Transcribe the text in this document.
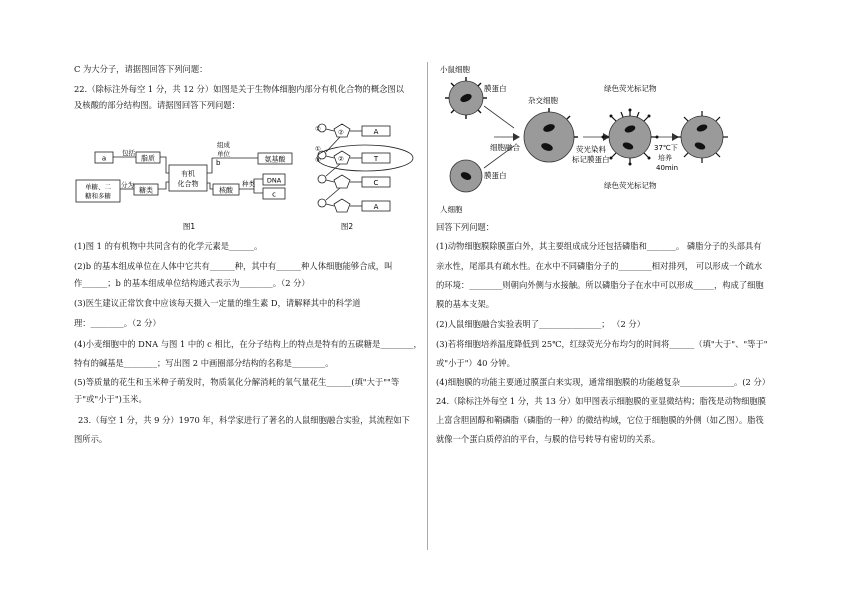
C 为大分子，请据图回答下列问题：
22.（除标注外每空 1 分，共 12 分）如图是关于生物体细胞内部分有机化合物的概念图以
及核酸的部分结构图。请据图回答下列问题：
a	脂质
包括
有机
化合物
单糖、二
糖和多糖
分为
糖类
组成
单位
b	氨基酸
核酸
种类 DNA
c
图1
①
①
③	②
②	A
T
C
A
图2
(1)图 1 的有机物中共同含有的化学元素是______。
(2)b 的基本组成单位在人体中它共有______种，其中有______种人体细胞能够合成，叫
作______；b 的基本组成单位结构通式表示为________。（2 分）
(3)医生建议正常饮食中应该每天摄入一定量的维生素 D，请解释其中的科学道
理：________。（2 分）
(4)小麦细胞中的 DNA 与图 1 中的 c 相比，在分子结构上的特点是特有的五碳糖是________，
特有的碱基是________；写出图 2 中画圈部分结构的名称是________。
(5)等质量的花生和玉米种子萌发时，物质氧化分解消耗的氧气量花生______(填"大于""等
于"或"小于")玉米。
23.（每空 1 分，共 9 分）1970 年，科学家进行了著名的人鼠细胞融合实验，其流程如下
图所示。
小鼠细胞
膜蛋白
杂交细胞
细胞融合
膜蛋白
人细胞
荧光染料
标记膜蛋白
绿色荧光标记物
绿色荧光标记物
37℃下
培养
40min
回答下列问题：
(1)动物细胞膜除膜蛋白外，其主要组成成分还包括磷脂和_______。 磷脂分子的头部具有
亲水性，尾部具有疏水性。在水中不同磷脂分子的________相对排列， 可以形成一个疏水
的环境：________则朝向外侧与水接触。所以磷脂分子在水中可以形成_____，构成了细胞
膜的基本支架。
(2)人鼠细胞融合实验表明了_______________； （2 分）
(3)若将细胞培养温度降低到 25℃，红绿荧光分布均匀的时间将______（填"大于"、"等于"
或"小于"）40 分钟。
(4)细胞膜的功能主要通过膜蛋白来实现，通常细胞膜的功能越复杂_____________。(2 分）
24.（除标注外每空 1 分，共 13 分）如甲图表示细胞膜的亚显微结构；脂筏是动物细胞膜
上富含胆固醇和鞘磷脂（磷脂的一种）的微结构域，它位于细胞膜的外侧（如乙图）。脂筏
就像一个蛋白质停泊的平台，与膜的信号转导有密切的关系。
